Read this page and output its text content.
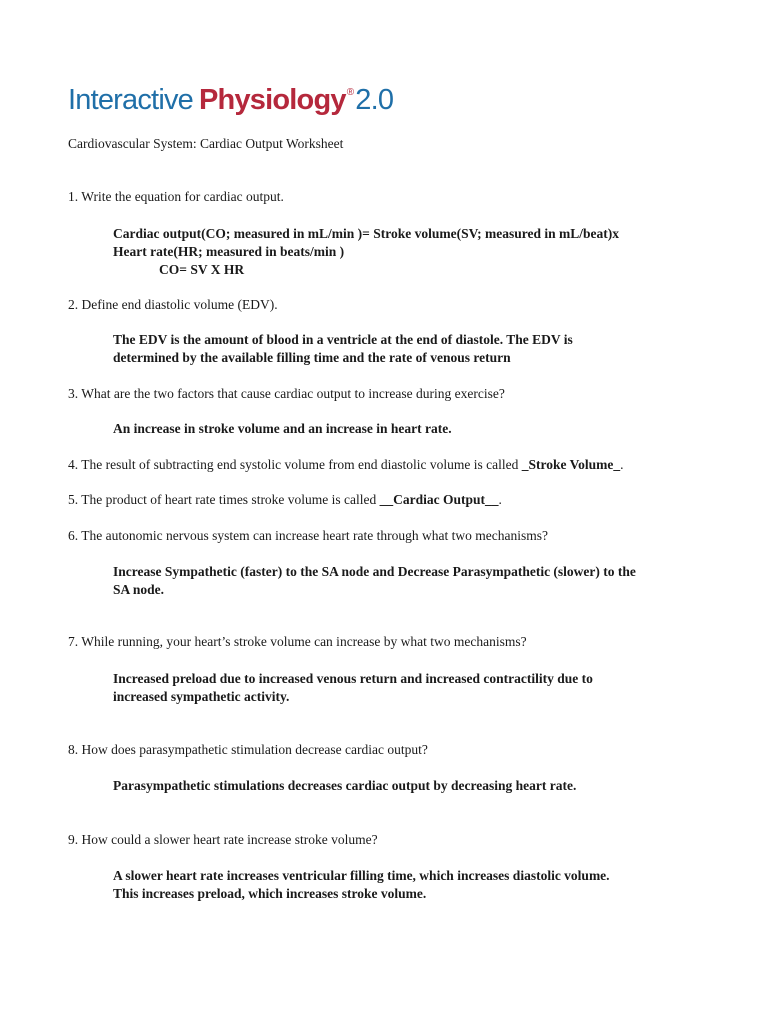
Interactive Physiology®2.0
Cardiovascular System: Cardiac Output Worksheet
1. Write the equation for cardiac output.
Cardiac output(CO; measured in mL/min )= Stroke volume(SV; measured in mL/beat)x
Heart rate(HR; measured in beats/min )
CO= SV X HR
2. Define end diastolic volume (EDV).
The EDV is the amount of blood in a ventricle at the end of diastole. The EDV is
determined by the available filling time and the rate of venous return
3. What are the two factors that cause cardiac output to increase during exercise?
An increase in stroke volume and an increase in heart rate.
4. The result of subtracting end systolic volume from end diastolic volume is called _Stroke Volume_.
5. The product of heart rate times stroke volume is called __Cardiac Output__.
6. The autonomic nervous system can increase heart rate through what two mechanisms?
Increase Sympathetic (faster) to the SA node and Decrease Parasympathetic (slower) to the
SA node.
7. While running, your heart’s stroke volume can increase by what two mechanisms?
Increased preload due to increased venous return and increased contractility due to
increased sympathetic activity.
8. How does parasympathetic stimulation decrease cardiac output?
Parasympathetic stimulations decreases cardiac output by decreasing heart rate.
9. How could a slower heart rate increase stroke volume?
A slower heart rate increases ventricular filling time, which increases diastolic volume.
This increases preload, which increases stroke volume.
